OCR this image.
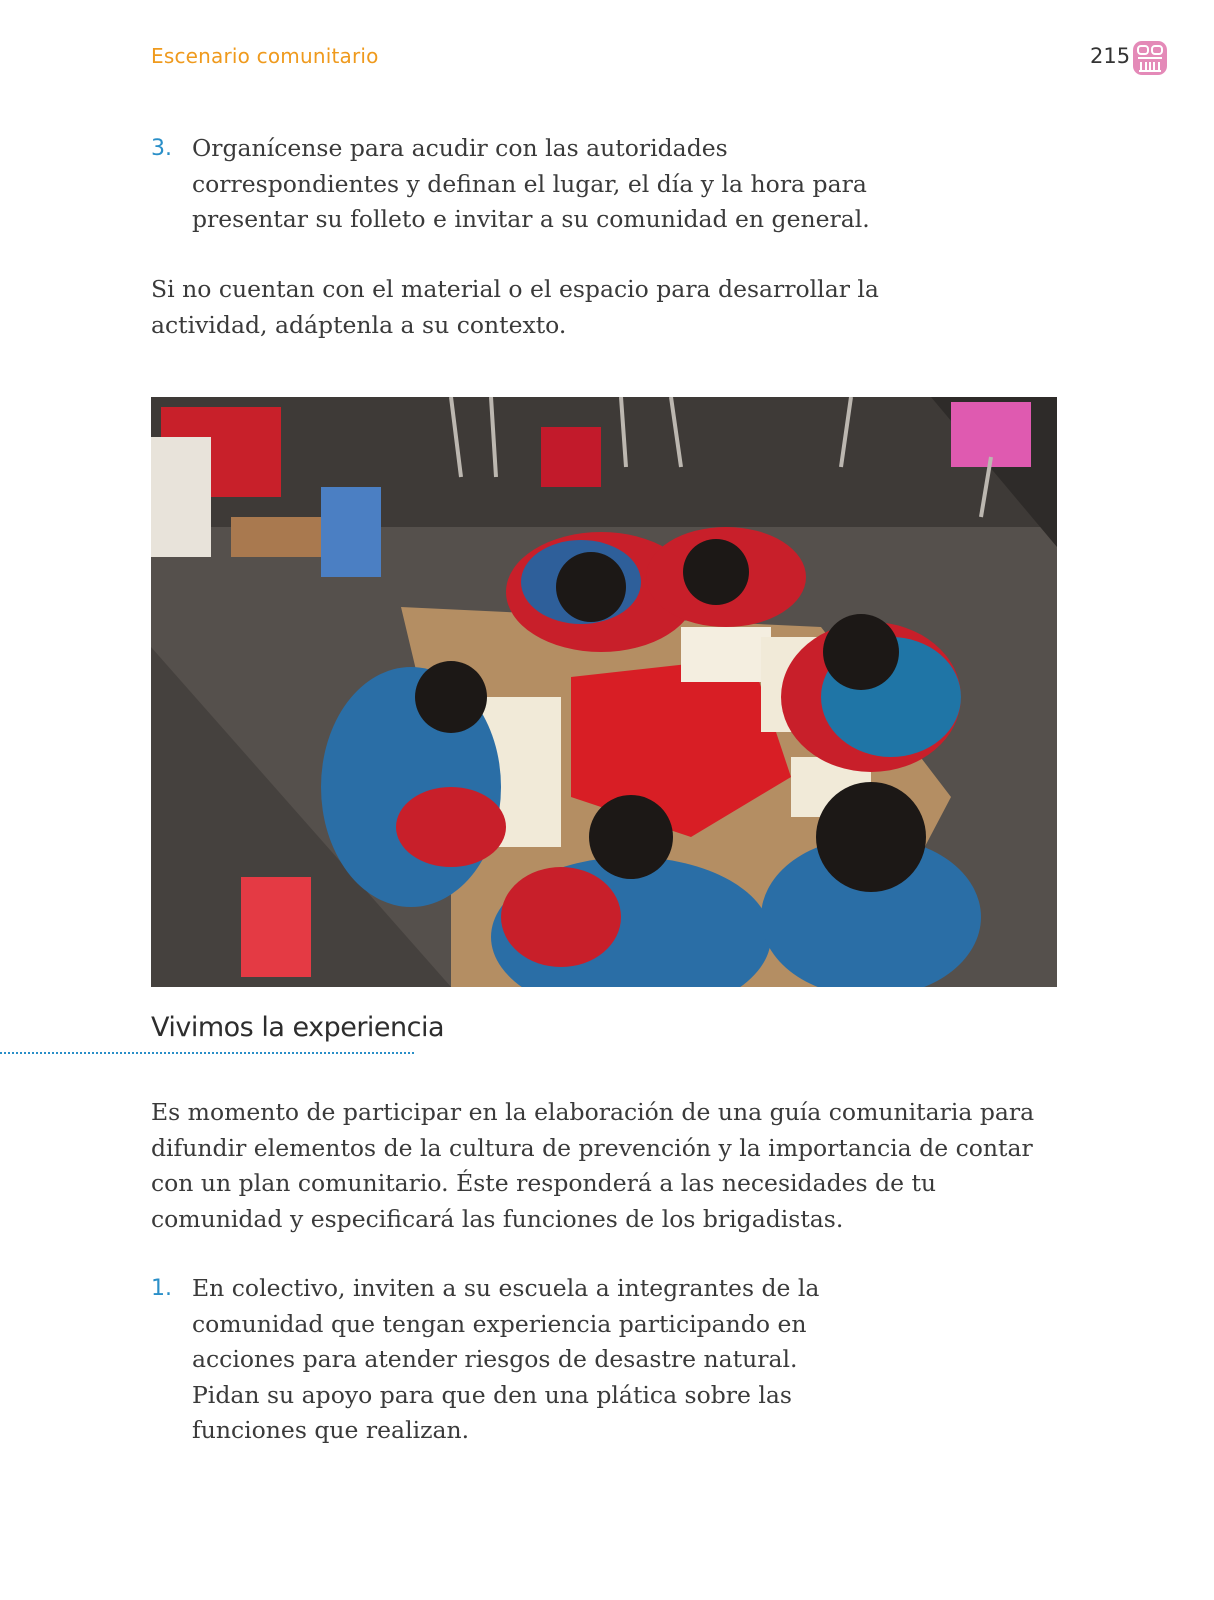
Escenario comunitario	215
3. Organícense para acudir con las autoridades correspondientes y definan el lugar, el día y la hora para presentar su folleto e invitar a su comunidad en general.
Si no cuentan con el material o el espacio para desarrollar la actividad, adáptenla a su contexto.
Vivimos la experiencia
Es momento de participar en la elaboración de una guía comunitaria para difundir elementos de la cultura de prevención y la importancia de contar con un plan comunitario. Éste responderá a las necesidades de tu comunidad y especificará las funciones de los brigadistas.
1. En colectivo, inviten a su escuela a integrantes de la comunidad que tengan experiencia participando en acciones para atender riesgos de desastre natural. Pidan su apoyo para que den una plática sobre las funciones que realizan.
